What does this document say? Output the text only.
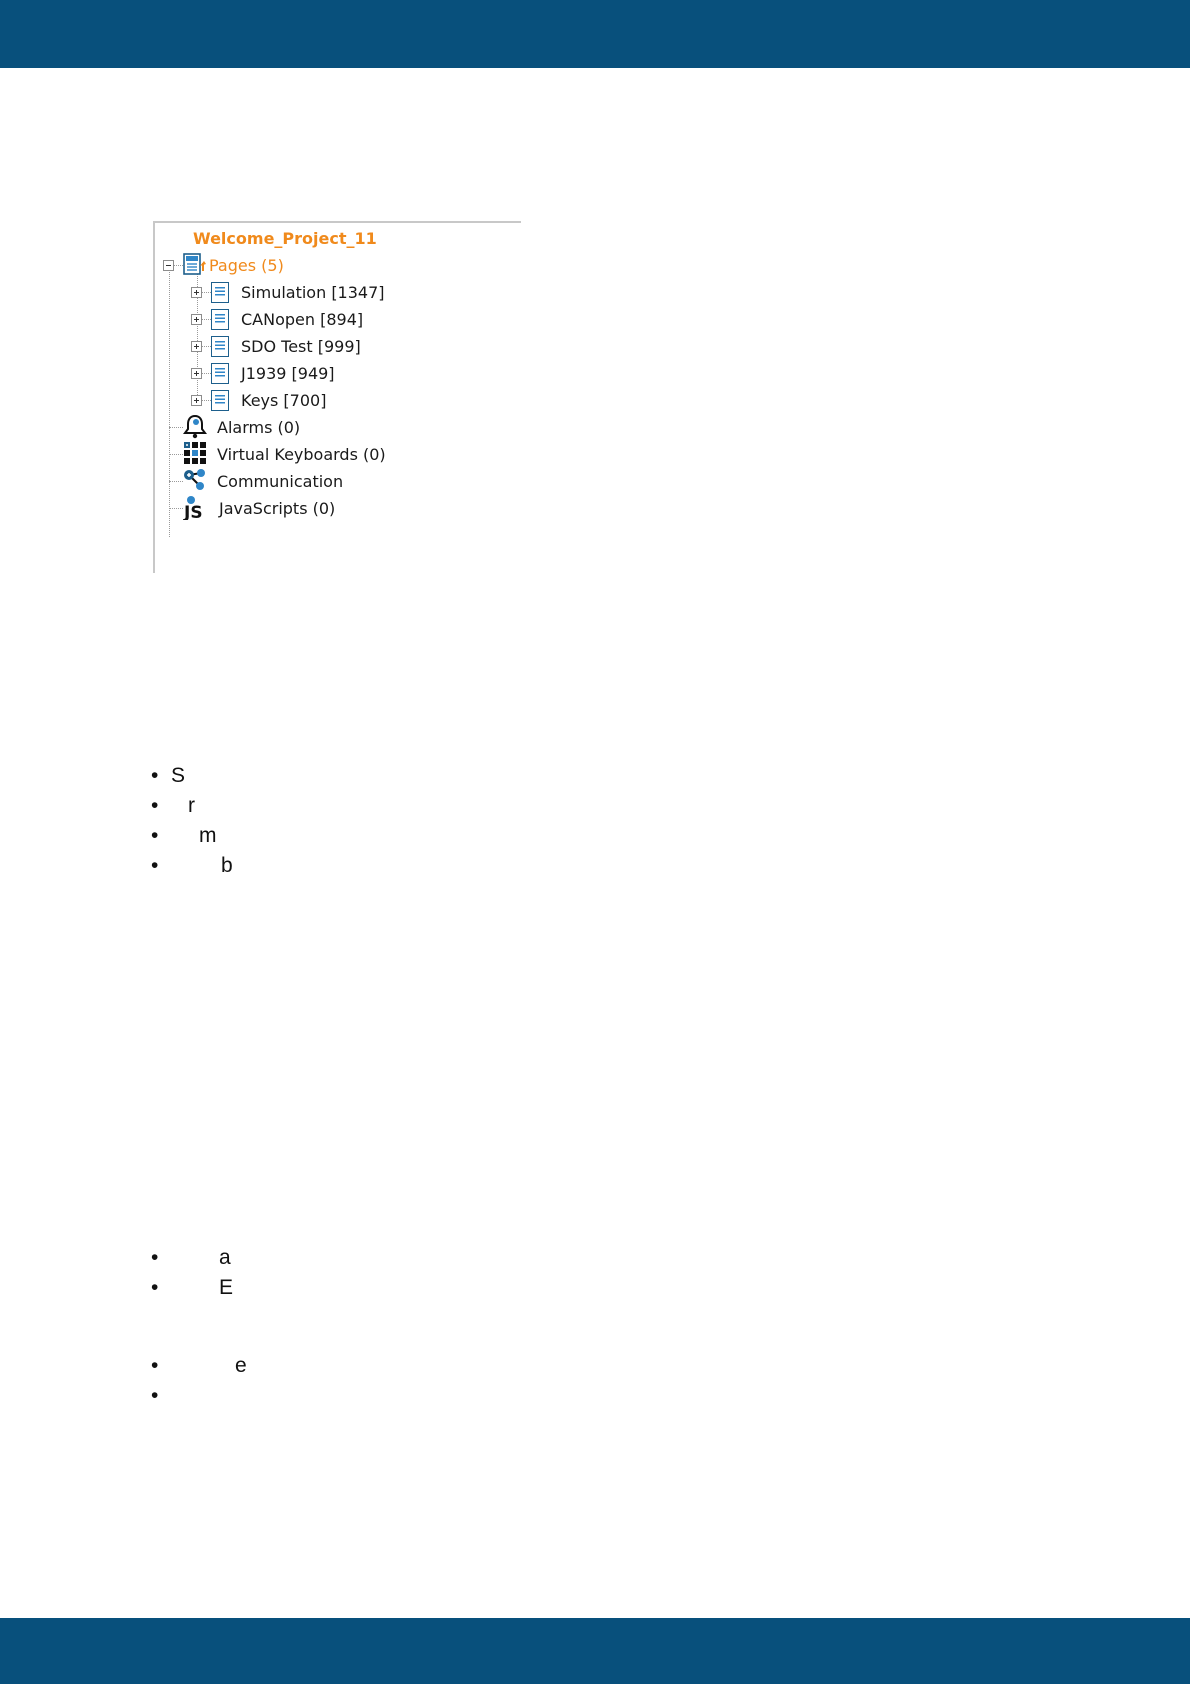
Welcome_Project_11
Pages (5)
Simulation [1347]
CANopen [894]
SDO Test [999]
J1939 [949]
Keys [700]
Alarms (0)
Virtual Keyboards (0)
Communication
JS JavaScripts (0)
• S
• r
• m
•	b
•	a
•	E
•	e
•
